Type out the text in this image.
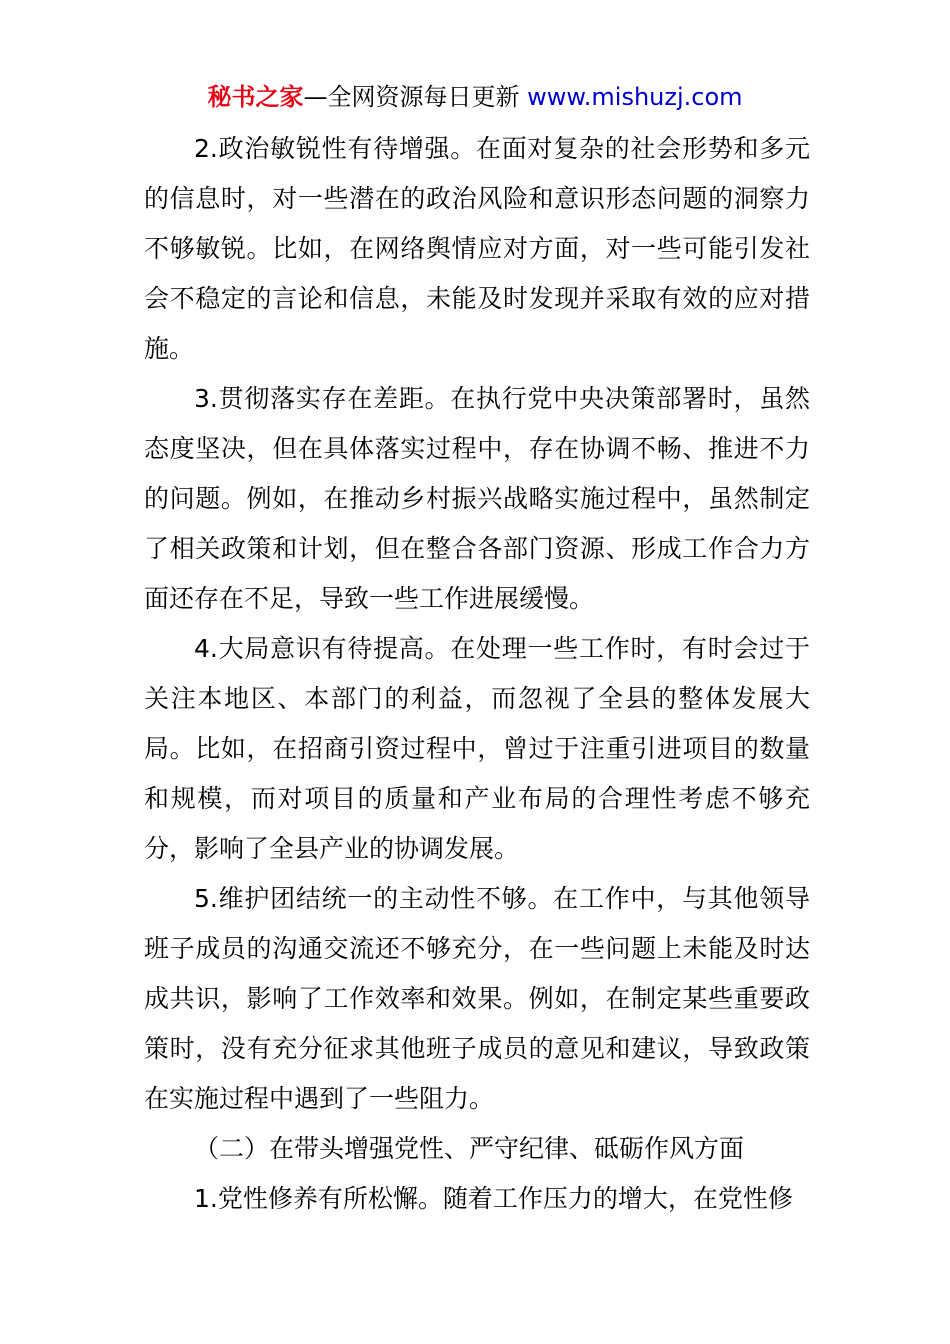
秘书之家—全网资源每日更新 www.mishuzj.com

2.政治敏锐性有待增强。在面对复杂的社会形势和多元的信息时，对一些潜在的政治风险和意识形态问题的洞察力不够敏锐。比如，在网络舆情应对方面，对一些可能引发社会不稳定的言论和信息，未能及时发现并采取有效的应对措施。

3.贯彻落实存在差距。在执行党中央决策部署时，虽然态度坚决，但在具体落实过程中，存在协调不畅、推进不力的问题。例如，在推动乡村振兴战略实施过程中，虽然制定了相关政策和计划，但在整合各部门资源、形成工作合力方面还存在不足，导致一些工作进展缓慢。

4.大局意识有待提高。在处理一些工作时，有时会过于关注本地区、本部门的利益，而忽视了全县的整体发展大局。比如，在招商引资过程中，曾过于注重引进项目的数量和规模，而对项目的质量和产业布局的合理性考虑不够充分，影响了全县产业的协调发展。

5.维护团结统一的主动性不够。在工作中，与其他领导班子成员的沟通交流还不够充分，在一些问题上未能及时达成共识，影响了工作效率和效果。例如，在制定某些重要政策时，没有充分征求其他班子成员的意见和建议，导致政策在实施过程中遇到了一些阻力。

（二）在带头增强党性、严守纪律、砥砺作风方面

1.党性修养有所松懈。随着工作压力的增大，在党性修
